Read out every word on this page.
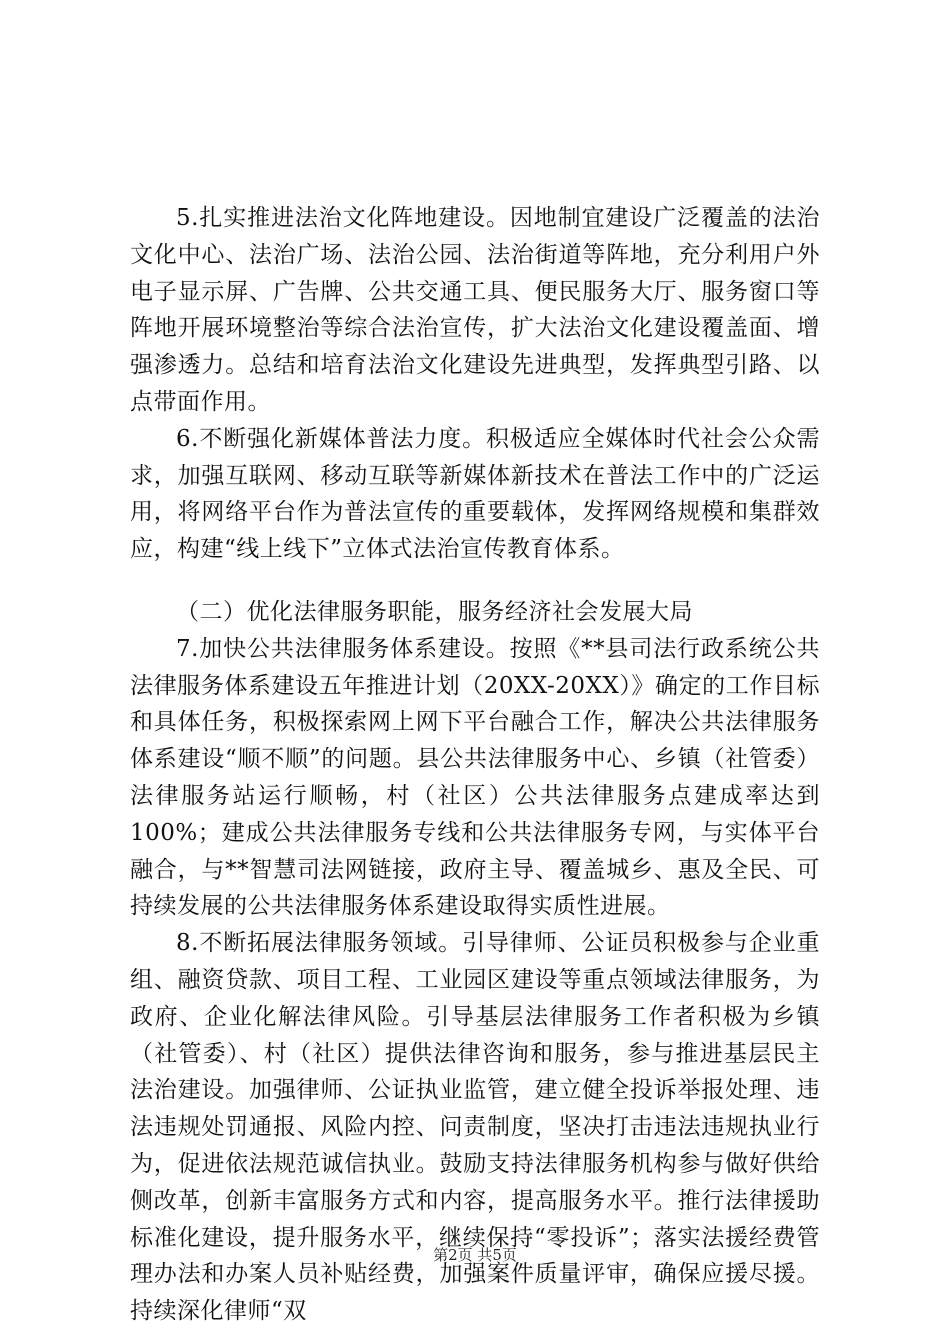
5.扎实推进法治文化阵地建设。因地制宜建设广泛覆盖的法治文化中心、法治广场、法治公园、法治街道等阵地，充分利用户外电子显示屏、广告牌、公共交通工具、便民服务大厅、服务窗口等阵地开展环境整治等综合法治宣传，扩大法治文化建设覆盖面、增强渗透力。总结和培育法治文化建设先进典型，发挥典型引路、以点带面作用。

6.不断强化新媒体普法力度。积极适应全媒体时代社会公众需求，加强互联网、移动互联等新媒体新技术在普法工作中的广泛运用，将网络平台作为普法宣传的重要载体，发挥网络规模和集群效应，构建“线上线下”立体式法治宣传教育体系。

（二）优化法律服务职能，服务经济社会发展大局

7.加快公共法律服务体系建设。按照《**县司法行政系统公共法律服务体系建设五年推进计划（20XX-20XX）》确定的工作目标和具体任务，积极探索网上网下平台融合工作，解决公共法律服务体系建设“顺不顺”的问题。县公共法律服务中心、乡镇（社管委）法律服务站运行顺畅，村（社区）公共法律服务点建成率达到100%；建成公共法律服务专线和公共法律服务专网，与实体平台融合，与**智慧司法网链接，政府主导、覆盖城乡、惠及全民、可持续发展的公共法律服务体系建设取得实质性进展。

8.不断拓展法律服务领域。引导律师、公证员积极参与企业重组、融资贷款、项目工程、工业园区建设等重点领域法律服务，为政府、企业化解法律风险。引导基层法律服务工作者积极为乡镇（社管委）、村（社区）提供法律咨询和服务，参与推进基层民主法治建设。加强律师、公证执业监管，建立健全投诉举报处理、违法违规处罚通报、风险内控、问责制度，坚决打击违法违规执业行为，促进依法规范诚信执业。鼓励支持法律服务机构参与做好供给侧改革，创新丰富服务方式和内容，提高服务水平。推行法律援助标准化建设，提升服务水平，继续保持“零投诉”；落实法援经费管理办法和办案人员补贴经费，加强案件质量评审，确保应援尽援。持续深化律师“双

第2页 共5页
